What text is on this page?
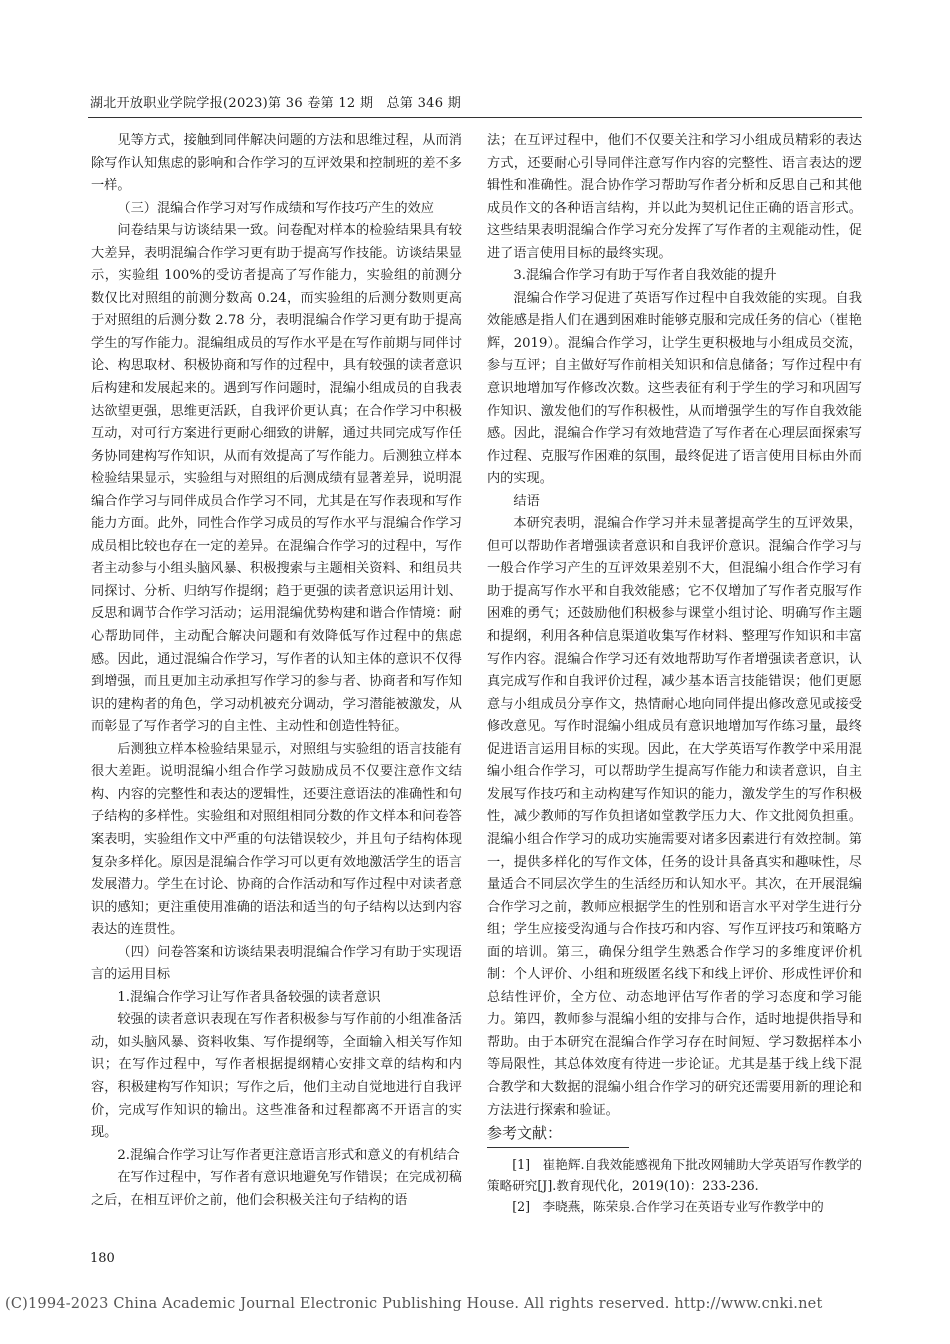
湖北开放职业学院学报(2023)第 36 卷第 12 期　总第 346 期

见等方式，接触到同伴解决问题的方法和思维过程，从而消除写作认知焦虑的影响和合作学习的互评效果和控制班的差不多一样。

（三）混编合作学习对写作成绩和写作技巧产生的效应

问卷结果与访谈结果一致。问卷配对样本的检验结果具有较大差异，表明混编合作学习更有助于提高写作技能。访谈结果显示，实验组 100%的受访者提高了写作能力，实验组的前测分数仅比对照组的前测分数高 0.24，而实验组的后测分数则更高于对照组的后测分数 2.78 分，表明混编合作学习更有助于提高学生的写作能力。混编组成员的写作水平是在写作前期与同伴讨论、构思取材、积极协商和写作的过程中，具有较强的读者意识后构建和发展起来的。遇到写作问题时，混编小组成员的自我表达欲望更强，思维更活跃，自我评价更认真；在合作学习中积极互动，对可行方案进行更耐心细致的讲解，通过共同完成写作任务协同建构写作知识，从而有效提高了写作能力。后测独立样本检验结果显示，实验组与对照组的后测成绩有显著差异，说明混编合作学习与同伴成员合作学习不同，尤其是在写作表现和写作能力方面。此外，同性合作学习成员的写作水平与混编合作学习成员相比较也存在一定的差异。在混编合作学习的过程中，写作者主动参与小组头脑风暴、积极搜索与主题相关资料、和组员共同探讨、分析、归纳写作提纲；趋于更强的读者意识运用计划、反思和调节合作学习活动；运用混编优势构建和谐合作情境：耐心帮助同伴，主动配合解决问题和有效降低写作过程中的焦虑感。因此，通过混编合作学习，写作者的认知主体的意识不仅得到增强，而且更加主动承担写作学习的参与者、协商者和写作知识的建构者的角色，学习动机被充分调动，学习潜能被激发，从而彰显了写作者学习的自主性、主动性和创造性特征。

后测独立样本检验结果显示，对照组与实验组的语言技能有很大差距。说明混编小组合作学习鼓励成员不仅要注意作文结构、内容的完整性和表达的逻辑性，还要注意语法的准确性和句子结构的多样性。实验组和对照组相同分数的作文样本和问卷答案表明，实验组作文中严重的句法错误较少，并且句子结构体现复杂多样化。原因是混编合作学习可以更有效地激活学生的语言发展潜力。学生在讨论、协商的合作活动和写作过程中对读者意识的感知；更注重使用准确的语法和适当的句子结构以达到内容表达的连贯性。

（四）问卷答案和访谈结果表明混编合作学习有助于实现语言的运用目标

1.混编合作学习让写作者具备较强的读者意识

较强的读者意识表现在写作者积极参与写作前的小组准备活动，如头脑风暴、资料收集、写作提纲等，全面输入相关写作知识；在写作过程中，写作者根据提纲精心安排文章的结构和内容，积极建构写作知识；写作之后，他们主动自觉地进行自我评价，完成写作知识的输出。这些准备和过程都离不开语言的实现。

2.混编合作学习让写作者更注意语言形式和意义的有机结合

在写作过程中，写作者有意识地避免写作错误；在完成初稿之后，在相互评价之前，他们会积极关注句子结构的语

法；在互评过程中，他们不仅要关注和学习小组成员精彩的表达方式，还要耐心引导同伴注意写作内容的完整性、语言表达的逻辑性和准确性。混合协作学习帮助写作者分析和反思自己和其他成员作文的各种语言结构，并以此为契机记住正确的语言形式。这些结果表明混编合作学习充分发挥了写作者的主观能动性，促进了语言使用目标的最终实现。

3.混编合作学习有助于写作者自我效能的提升

混编合作学习促进了英语写作过程中自我效能的实现。自我效能感是指人们在遇到困难时能够克服和完成任务的信心（崔艳辉，2019）。混编合作学习，让学生更积极地与小组成员交流，参与互评；自主做好写作前相关知识和信息储备；写作过程中有意识地增加写作修改次数。这些表征有利于学生的学习和巩固写作知识、激发他们的写作积极性，从而增强学生的写作自我效能感。因此，混编合作学习有效地营造了写作者在心理层面探索写作过程、克服写作困难的氛围，最终促进了语言使用目标由外而内的实现。

结语

本研究表明，混编合作学习并未显著提高学生的互评效果，但可以帮助作者增强读者意识和自我评价意识。混编合作学习与一般合作学习产生的互评效果差别不大，但混编小组合作学习有助于提高写作水平和自我效能感；它不仅增加了写作者克服写作困难的勇气；还鼓励他们积极参与课堂小组讨论、明确写作主题和提纲，利用各种信息渠道收集写作材料、整理写作知识和丰富写作内容。混编合作学习还有效地帮助写作者增强读者意识，认真完成写作和自我评价过程，减少基本语言技能错误；他们更愿意与小组成员分享作文，热情耐心地向同伴提出修改意见或接受修改意见。写作时混编小组成员有意识地增加写作练习量，最终促进语言运用目标的实现。因此，在大学英语写作教学中采用混编小组合作学习，可以帮助学生提高写作能力和读者意识，自主发展写作技巧和主动构建写作知识的能力，激发学生的写作积极性，减少教师的写作负担诸如堂教学压力大、作文批阅负担重。混编小组合作学习的成功实施需要对诸多因素进行有效控制。第一，提供多样化的写作文体，任务的设计具备真实和趣味性，尽量适合不同层次学生的生活经历和认知水平。其次，在开展混编合作学习之前，教师应根据学生的性别和语言水平对学生进行分组；学生应接受沟通与合作技巧和内容、写作互评技巧和策略方面的培训。第三，确保分组学生熟悉合作学习的多维度评价机制：个人评价、小组和班级匿名线下和线上评价、形成性评价和总结性评价，全方位、动态地评估写作者的学习态度和学习能力。第四，教师参与混编小组的安排与合作，适时地提供指导和帮助。由于本研究在混编合作学习存在时间短、学习数据样本小等局限性，其总体效度有待进一步论证。尤其是基于线上线下混合教学和大数据的混编小组合作学习的研究还需要用新的理论和方法进行探索和验证。

参考文献：

[1]　崔艳辉.自我效能感视角下批改网辅助大学英语写作教学的策略研究[J].教育现代化，2019(10)：233-236.

[2]　李晓燕，陈荣泉.合作学习在英语专业写作教学中的

180
(C)1994-2023 China Academic Journal Electronic Publishing House. All rights reserved. http://www.cnki.net
